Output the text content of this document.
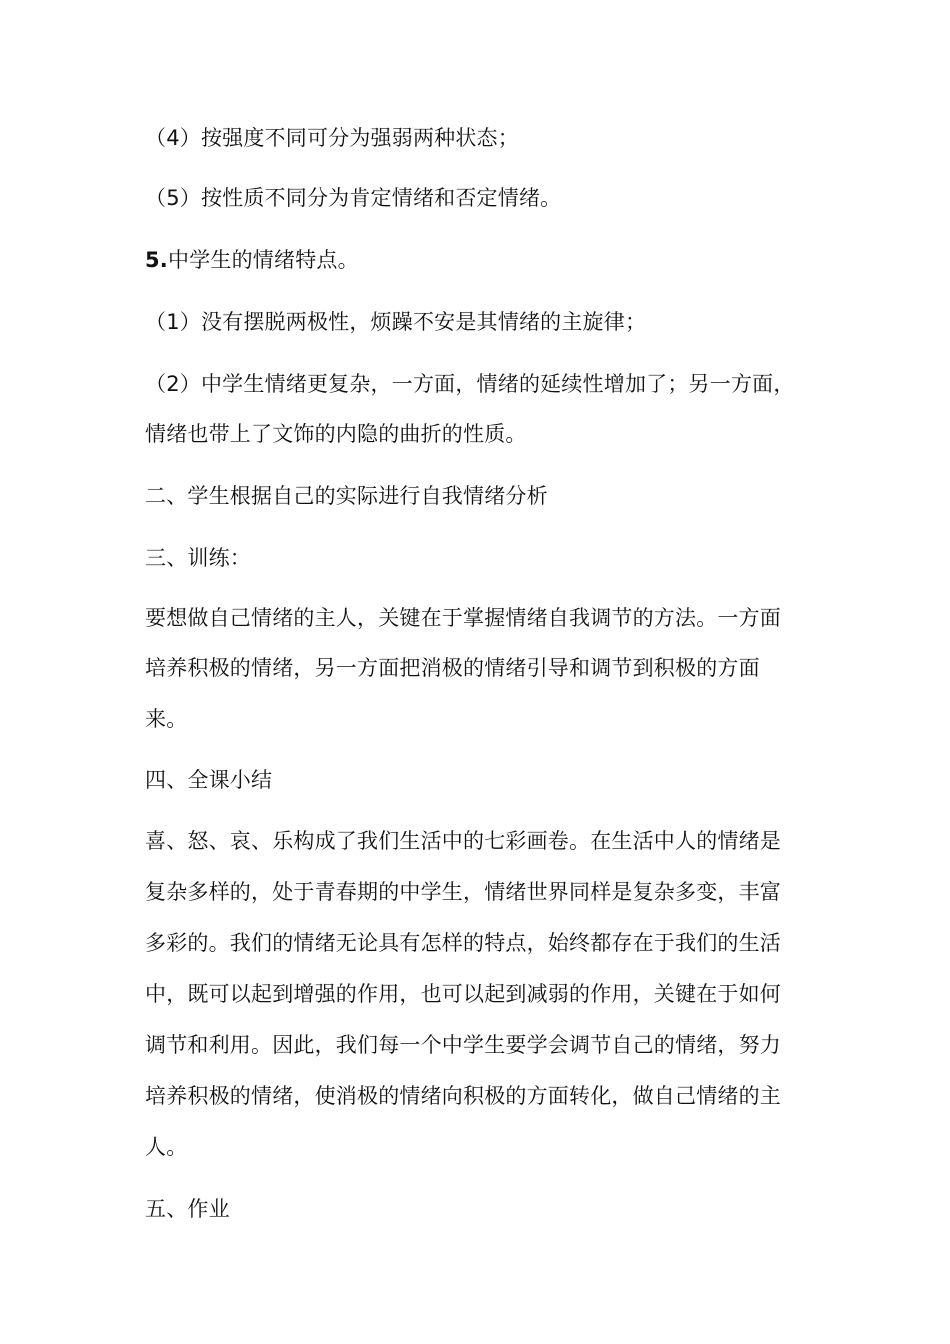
（4）按强度不同可分为强弱两种状态；
（5）按性质不同分为肯定情绪和否定情绪。
5.中学生的情绪特点。
（1）没有摆脱两极性，烦躁不安是其情绪的主旋律；
（2）中学生情绪更复杂，一方面，情绪的延续性增加了；另一方面，
情绪也带上了文饰的内隐的曲折的性质。
二、学生根据自己的实际进行自我情绪分析
三、训练：
要想做自己情绪的主人，关键在于掌握情绪自我调节的方法。一方面
培养积极的情绪，另一方面把消极的情绪引导和调节到积极的方面
来。
四、全课小结
喜、怒、哀、乐构成了我们生活中的七彩画卷。在生活中人的情绪是
复杂多样的，处于青春期的中学生，情绪世界同样是复杂多变，丰富
多彩的。我们的情绪无论具有怎样的特点，始终都存在于我们的生活
中，既可以起到增强的作用，也可以起到减弱的作用，关键在于如何
调节和利用。因此，我们每一个中学生要学会调节自己的情绪，努力
培养积极的情绪，使消极的情绪向积极的方面转化，做自己情绪的主
人。
五、作业
